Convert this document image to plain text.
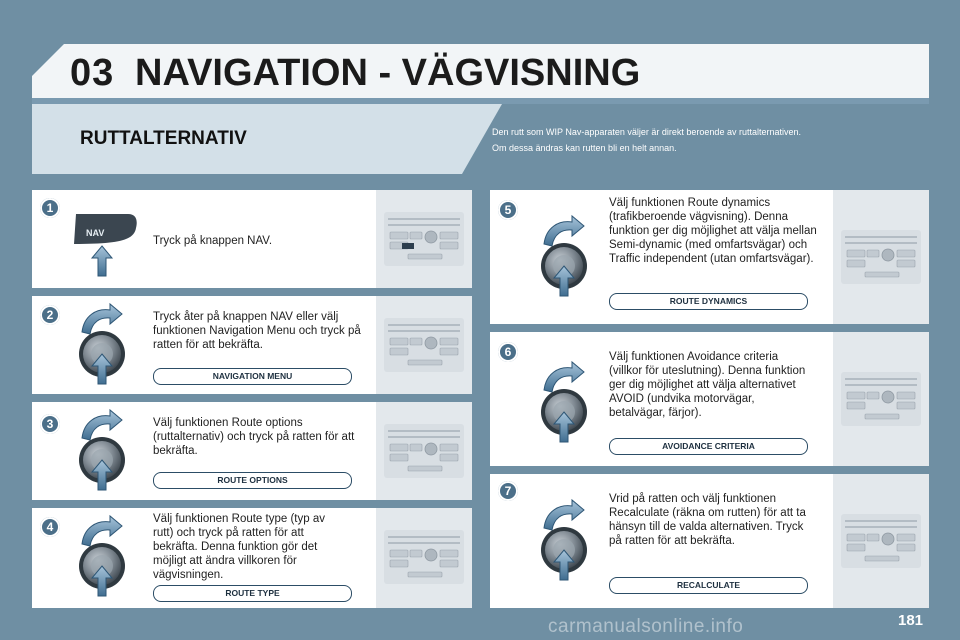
03 NAVIGATION - VÄGVISNING
RUTTALTERNATIV	Den rutt som WIP Nav-apparaten väljer är direkt beroende av ruttalternativen.

Om dessa ändras kan rutten bli en helt annan.

1
NAV
Tryck på knappen NAV.
2	Tryck åter på knappen NAV eller välj funktionen Navigation Menu och tryck på ratten för att bekräfta.
NAVIGATION MENU
3	Välj funktionen Route options (ruttalternativ) och tryck på ratten för att bekräfta.
ROUTE OPTIONS
4
Välj funktionen Route type (typ av rutt) och tryck på ratten för att bekräfta. Denna funktion gör det möjligt att ändra villkoren för vägvisningen.
ROUTE TYPE
5	Välj funktionen Route dynamics (trafikberoende vägvisning). Denna funktion ger dig möjlighet att välja mellan Semi-dynamic (med omfartsvägar) och Traffic independent (utan omfartsvägar).
ROUTE DYNAMICS
6	Välj funktionen Avoidance criteria (villkor för uteslutning). Denna funktion ger dig möjlighet att välja alternativet AVOID (undvika motorvägar, betalvägar, färjor).
AVOIDANCE CRITERIA
7
Vrid på ratten och välj funktionen Recalculate (räkna om rutten) för att ta hänsyn till de valda alternativen. Tryck på ratten för att bekräfta.
RECALCULATE
carmanualsonline.info	181
